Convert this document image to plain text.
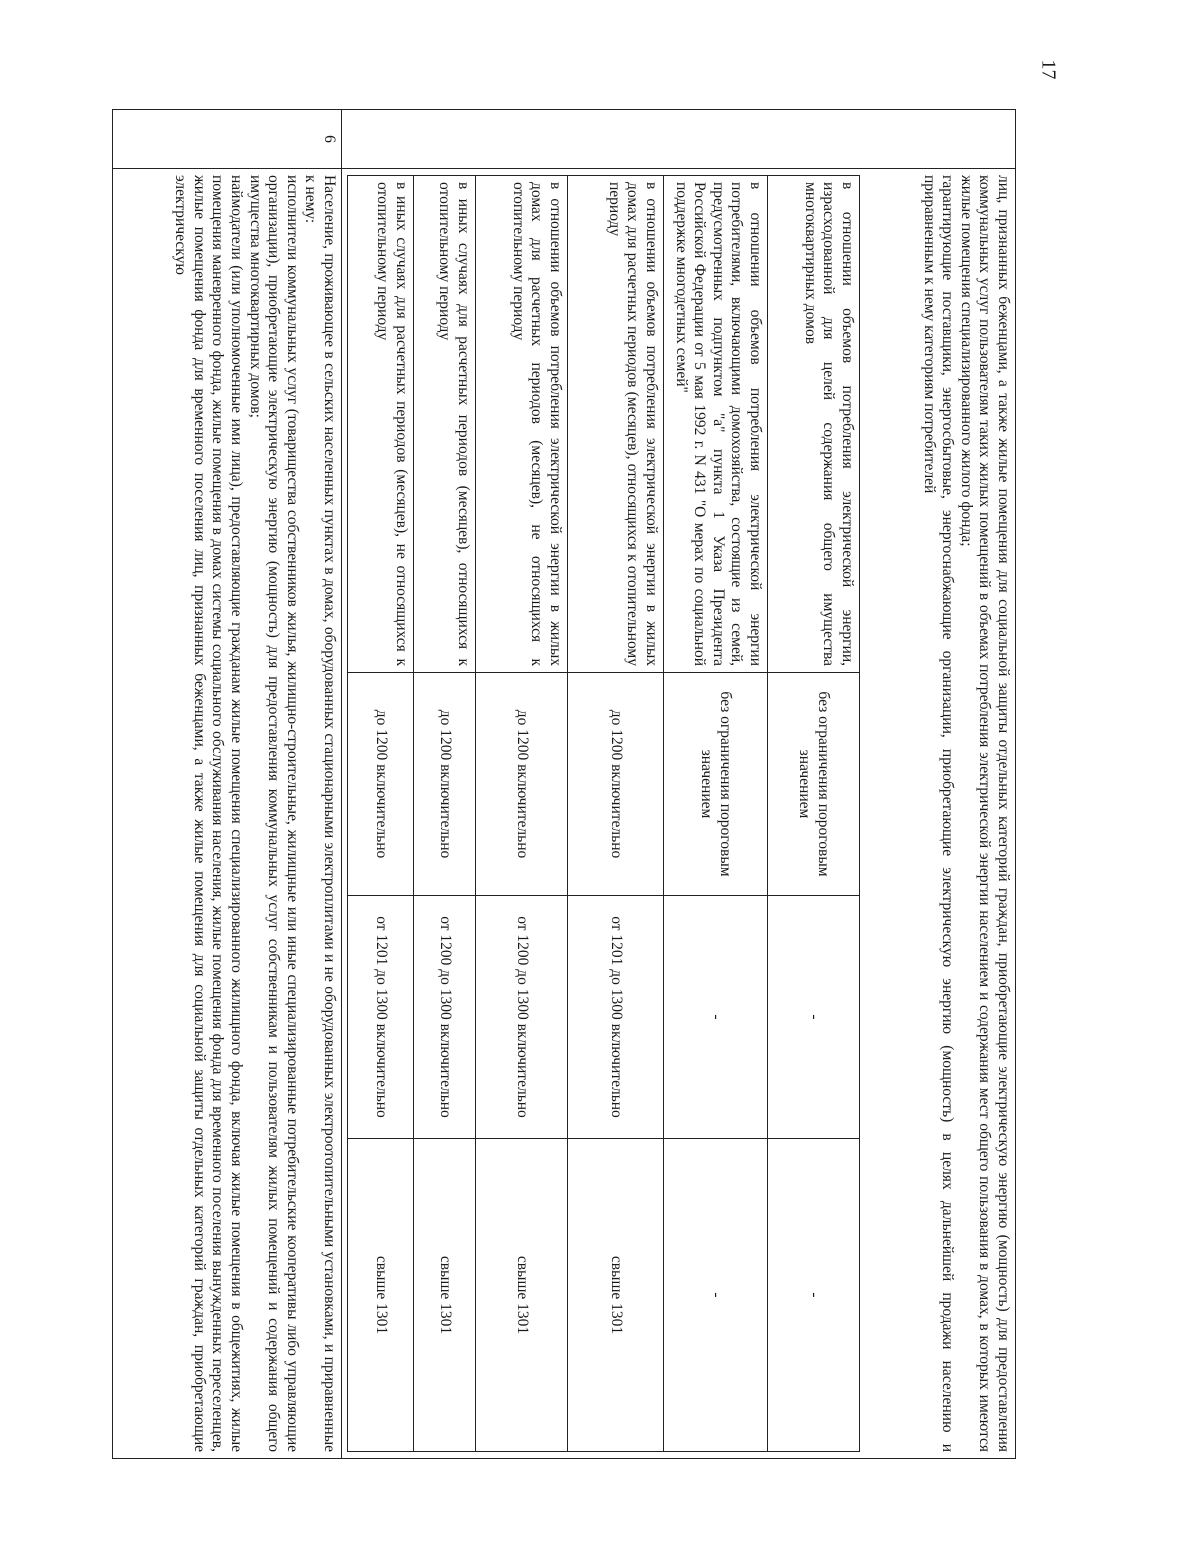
17

лиц, признанных беженцами, а также жилые помещения для социальной защиты отдельных категорий граждан, приобретающие электрическую энергию (мощность) для предоставления коммунальных услуг пользователям таких жилых помещений в объемах потребления электрической энергии населением и содержания мест общего пользования в домах, в которых имеются жилые помещения специализированного жилого фонда;

гарантирующие поставщики, энергосбытовые, энергоснабжающие организации, приобретающие электрическую энергию (мощность) в целях дальнейшей продажи населению и приравненным к нему категориям потребителей

в отношении объемов потребления электрической энергии, израсходованной для целей содержания общего имущества многоквартирных домов	без ограничения пороговым значением	-	-
в отношении объемов потребления электрической энергии потребителями, включающими домохозяйства, состоящие из семей, предусмотренных подпунктом "а" пункта 1 Указа Президента Российской Федерации от 5 мая 1992 г. N 431 "О мерах по социальной поддержке многодетных семей"	без ограничения пороговым значением	-	-
в отношении объемов потребления электрической энергии в жилых домах для расчетных периодов (месяцев), относящихся к отопительному периоду	до 1200 включительно	от 1201 до 1300 включительно	свыше 1301
в отношении объемов потребления электрической энергии в жилых домах для расчетных периодов (месяцев), не относящихся к отопительному периоду	до 1200 включительно	от 1200 до 1300 включительно	свыше 1301
в иных случаях для расчетных периодов (месяцев), относящихся к отопительному периоду	до 1200 включительно	от 1200 до 1300 включительно	свыше 1301
в иных случаях для расчетных периодов (месяцев), не относящихся к отопительному периоду	до 1200 включительно	от 1201 до 1300 включительно	свыше 1301

6	

Население, проживающее в сельских населенных пунктах в домах, оборудованных стационарными электроплитами и не оборудованных электроотопительными установками, и приравненные к нему:

исполнители коммунальных услуг (товарищества собственников жилья, жилищно-строительные, жилищные или иные специализированные потребительские кооперативы либо управляющие организации), приобретающие электрическую энергию (мощность) для предоставления коммунальных услуг собственникам и пользователям жилых помещений и содержания общего имущества многоквартирных домов;

наймодатели (или уполномоченные ими лица), предоставляющие гражданам жилые помещения специализированного жилищного фонда, включая жилые помещения в общежитиях, жилые помещения маневренного фонда, жилые помещения в домах системы социального обслуживания населения, жилые помещения фонда для временного поселения вынужденных переселенцев, жилые помещения фонда для временного поселения лиц, признанных беженцами, а также жилые помещения для социальной защиты отдельных категорий граждан, приобретающие электрическую
